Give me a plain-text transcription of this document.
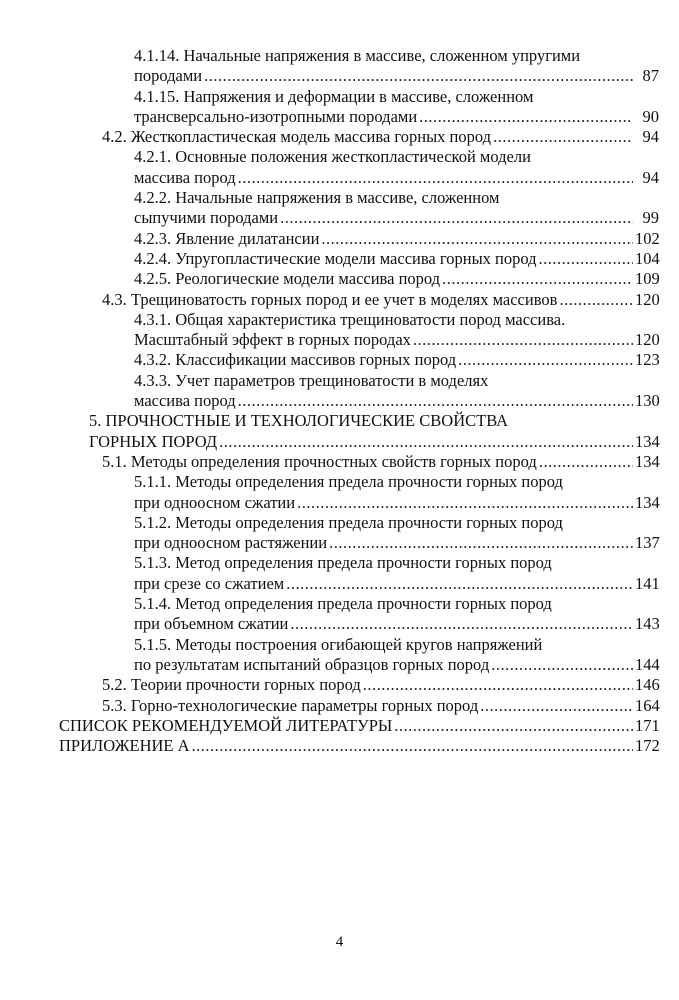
4.1.14. Начальные напряжения в массиве, сложенном упругими
породами .....	87
4.1.15. Напряжения и деформации в массиве, сложенном
трансверсально-изотропными породами .....	90
4.2. Жесткопластическая модель массива горных пород .....	94
4.2.1. Основные положения жесткопластической модели
массива пород .....	94
4.2.2. Начальные напряжения в массиве, сложенном
сыпучими породами .....	99
4.2.3. Явление дилатансии .....	102
4.2.4. Упругопластические модели массива горных пород .....	104
4.2.5. Реологические модели массива пород .....	109
4.3. Трещиноватость горных пород и ее учет в моделях массивов .....	120
4.3.1. Общая характеристика трещиноватости пород массива.
Масштабный эффект в горных породах .....	120
4.3.2. Классификации массивов горных пород .....	123
4.3.3. Учет параметров трещиноватости в моделях
массива пород .....	130
5. ПРОЧНОСТНЫЕ И ТЕХНОЛОГИЧЕСКИЕ СВОЙСТВА
ГОРНЫХ ПОРОД .....	134
5.1. Методы определения прочностных свойств горных пород .....	134
5.1.1. Методы определения предела прочности горных пород
при одноосном сжатии .....	134
5.1.2. Методы определения предела прочности горных пород
при одноосном растяжении .....	137
5.1.3. Метод определения предела прочности горных пород
при срезе со сжатием .....	141
5.1.4. Метод определения предела прочности горных пород
при объемном сжатии .....	143
5.1.5. Методы построения огибающей кругов напряжений
по результатам испытаний образцов горных пород .....	144
5.2. Теории прочности горных пород .....	146
5.3. Горно-технологические параметры горных пород .....	164
СПИСОК РЕКОМЕНДУЕМОЙ ЛИТЕРАТУРЫ .....	171
ПРИЛОЖЕНИЕ А .....	172
4
